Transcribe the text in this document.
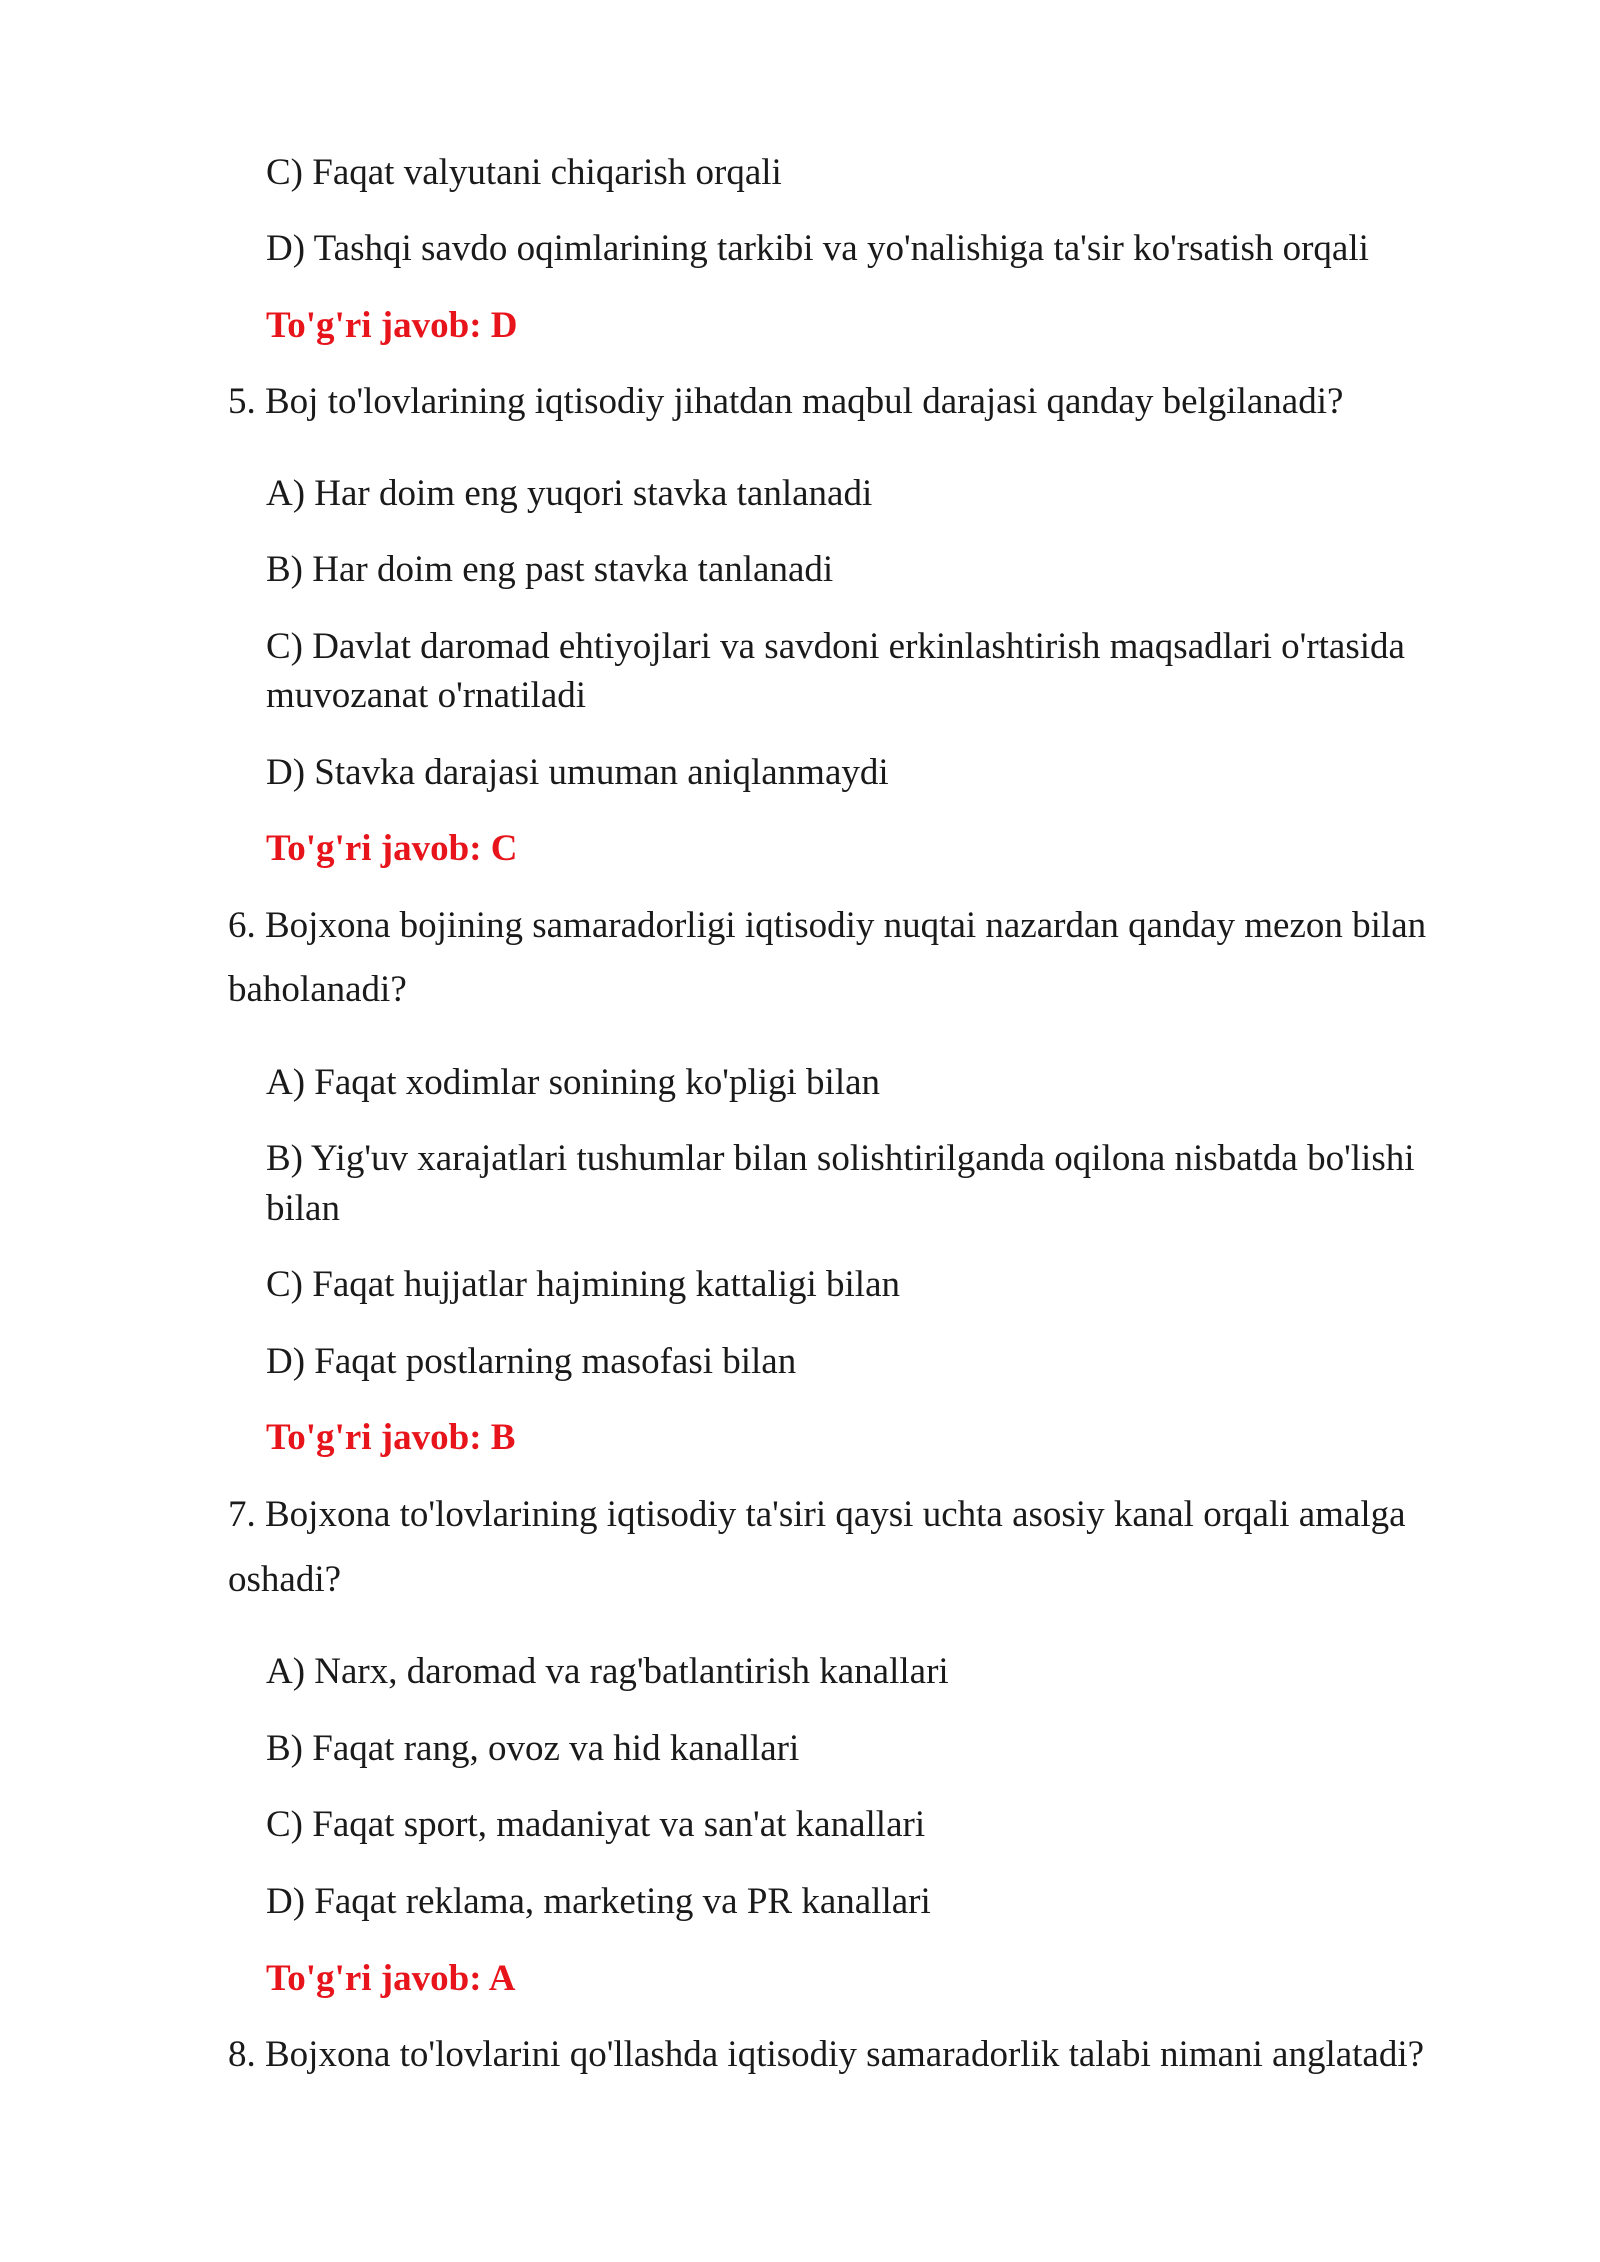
C) Faqat valyutani chiqarish orqali
D) Tashqi savdo oqimlarining tarkibi va yo'nalishiga ta'sir ko'rsatish orqali
To'g'ri javob: D
5. Boj to'lovlarining iqtisodiy jihatdan maqbul darajasi qanday belgilanadi?
A) Har doim eng yuqori stavka tanlanadi
B) Har doim eng past stavka tanlanadi
C) Davlat daromad ehtiyojlari va savdoni erkinlashtirish maqsadlari o'rtasida
muvozanat o'rnatiladi
D) Stavka darajasi umuman aniqlanmaydi
To'g'ri javob: C
6. Bojxona bojining samaradorligi iqtisodiy nuqtai nazardan qanday mezon bilan
baholanadi?
A) Faqat xodimlar sonining ko'pligi bilan
B) Yig'uv xarajatlari tushumlar bilan solishtirilganda oqilona nisbatda bo'lishi
bilan
C) Faqat hujjatlar hajmining kattaligi bilan
D) Faqat postlarning masofasi bilan
To'g'ri javob: B
7. Bojxona to'lovlarining iqtisodiy ta'siri qaysi uchta asosiy kanal orqali amalga
oshadi?
A) Narx, daromad va rag'batlantirish kanallari
B) Faqat rang, ovoz va hid kanallari
C) Faqat sport, madaniyat va san'at kanallari
D) Faqat reklama, marketing va PR kanallari
To'g'ri javob: A
8. Bojxona to'lovlarini qo'llashda iqtisodiy samaradorlik talabi nimani anglatadi?
